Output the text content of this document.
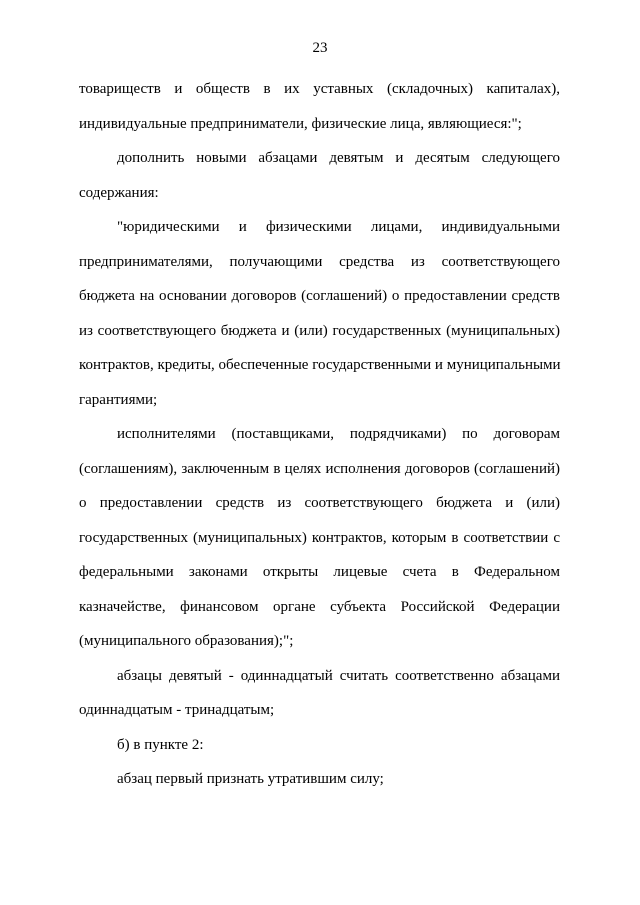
23

товариществ и обществ в их уставных (складочных) капиталах),
индивидуальные предприниматели, физические лица, являющиеся:";

дополнить новыми абзацами девятым и десятым следующего
содержания:

"юридическими и физическими лицами, индивидуальными
предпринимателями, получающими средства из соответствующего
бюджета на основании договоров (соглашений) о предоставлении средств
из соответствующего бюджета и (или) государственных (муниципальных)
контрактов, кредиты, обеспеченные государственными и муниципальными
гарантиями;

исполнителями (поставщиками, подрядчиками) по договорам
(соглашениям), заключенным в целях исполнения договоров (соглашений)
о предоставлении средств из соответствующего бюджета и (или)
государственных (муниципальных) контрактов, которым в соответствии с
федеральными законами открыты лицевые счета в Федеральном
казначействе, финансовом органе субъекта Российской Федерации
(муниципального образования);";

абзацы девятый - одиннадцатый считать соответственно абзацами
одиннадцатым - тринадцатым;

б) в пункте 2:

абзац первый признать утратившим силу;
